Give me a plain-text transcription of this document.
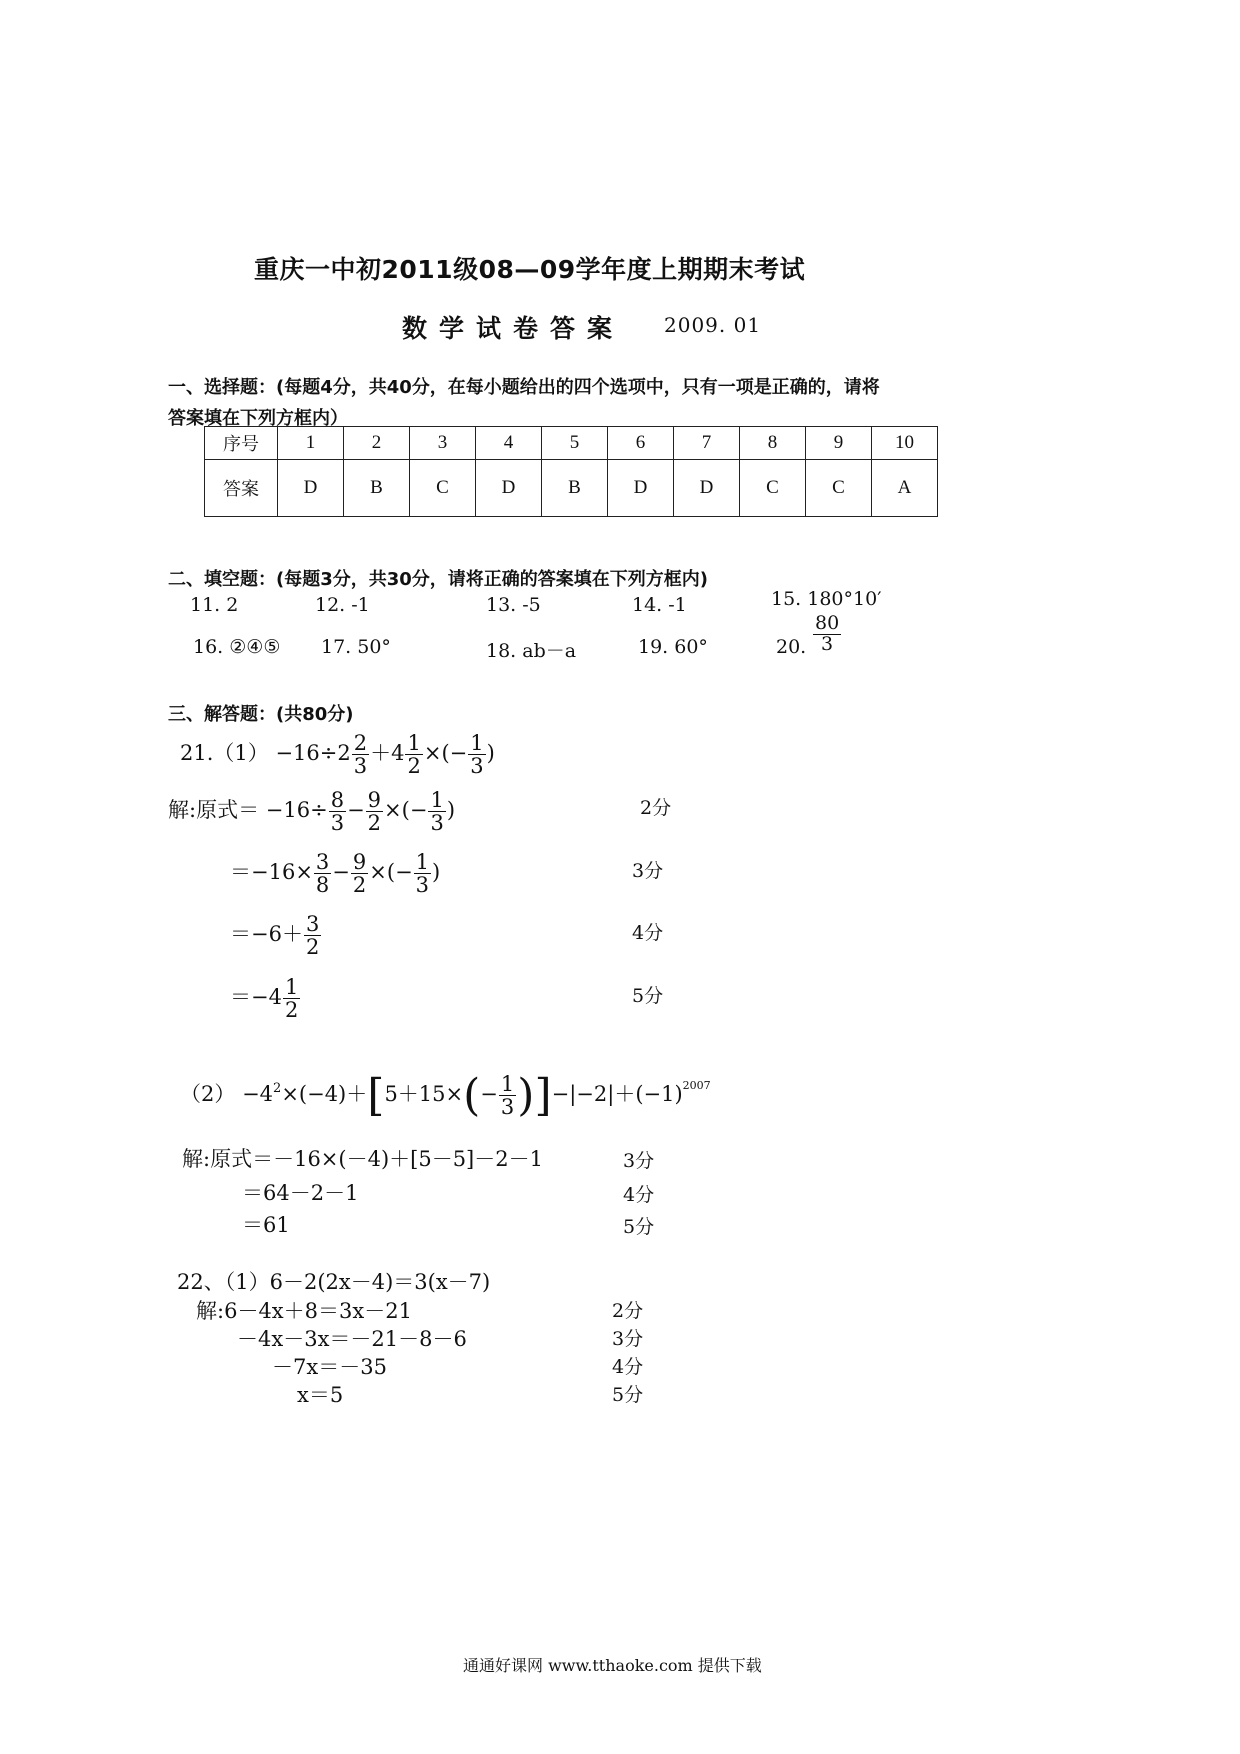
重庆一中初2011级08—09学年度上期期末考试
数学试卷答案 2009. 01
一、选择题：(每题4分，共40分，在每小题给出的四个选项中，只有一项是正确的，请将
答案填在下列方框内）
序号	1	2	3	4	5	6	7	8	9	10
答案	D	B	C	D	B	D	D	C	C	A
二、填空题：(每题3分，共30分，请将正确的答案填在下列方框内)
11. 2	12. -1	13. -5	14. -1	15. 180°10′
16. ②④⑤ 17. 50°	18. ab－a	19. 60°	20. $\frac{80}{3}$
三、解答题：(共80分)
$21.(1) -16\div 2 \frac{2}{3} +4 \frac{1}{2}$ ×(− $\frac{1}{3}$ )
解:原式＝ $-16\div \frac{8}{3} - \frac{9}{2}$ ×(− $\frac{1}{3}$ )	2分
$=-16\times \frac{3}{8} - \frac{9}{2}$ ×(− $\frac{1}{3}$ )	3分
$=-6+ \frac{3}{2}$	4分
$=-4 \frac{1}{2}$	5分
$(2) -4^2\times(-4)+[5+15\times(- \frac{1}{3} )]-|-2|+(-1)^{2007}$
解:原式＝－16×(－4)＋[5－5]－2－1	3分
＝64－2－1	4分
＝61	5分
22、（1）6－2(2x－4)＝3(x－7)
解:6－4x＋8＝3x－21	2分
－4x－3x＝－21－8－6	3分
－7x＝－35	4分
x＝5	5分
通通好课网 www.tthaoke.com 提供下载
